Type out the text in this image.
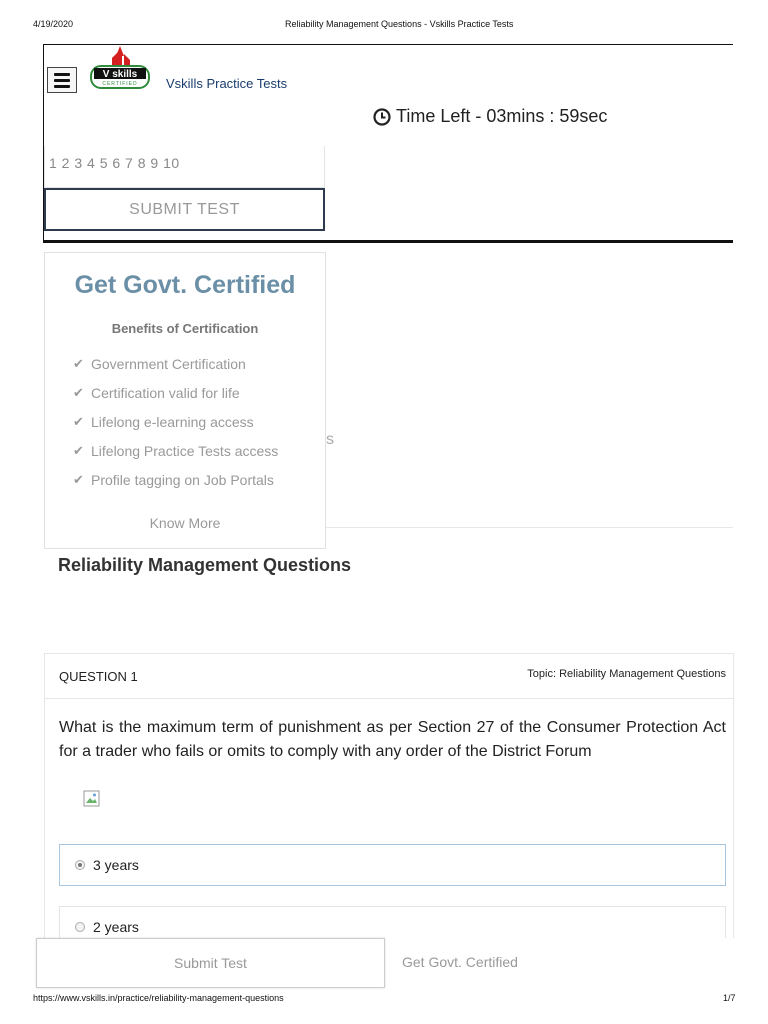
4/19/2020	Reliability Management Questions - Vskills Practice Tests
https://www.vskills.in/practice/reliability-management-questions	1/7
V skills
CERTIFIED Vskills Practice Tests
Time Left - 03mins : 59sec
1 2 3 4 5 6 7 8 9 10
SUBMIT TEST
Get Govt. Certified
Benefits of Certification
✔ Government Certification
✔ Certification valid for life
✔ Lifelong e-learning access
✔ Lifelong Practice Tests access
✔ Profile tagging on Job Portals
Know More
s
Reliability Management Questions
QUESTION 1	Topic: Reliability Management Questions
What is the maximum term of punishment as per Section 27 of the Consumer Protection Act for a trader who fails or omits to comply with any order of the District Forum
3 years
2 years
Submit Test	Get Govt. Certified
